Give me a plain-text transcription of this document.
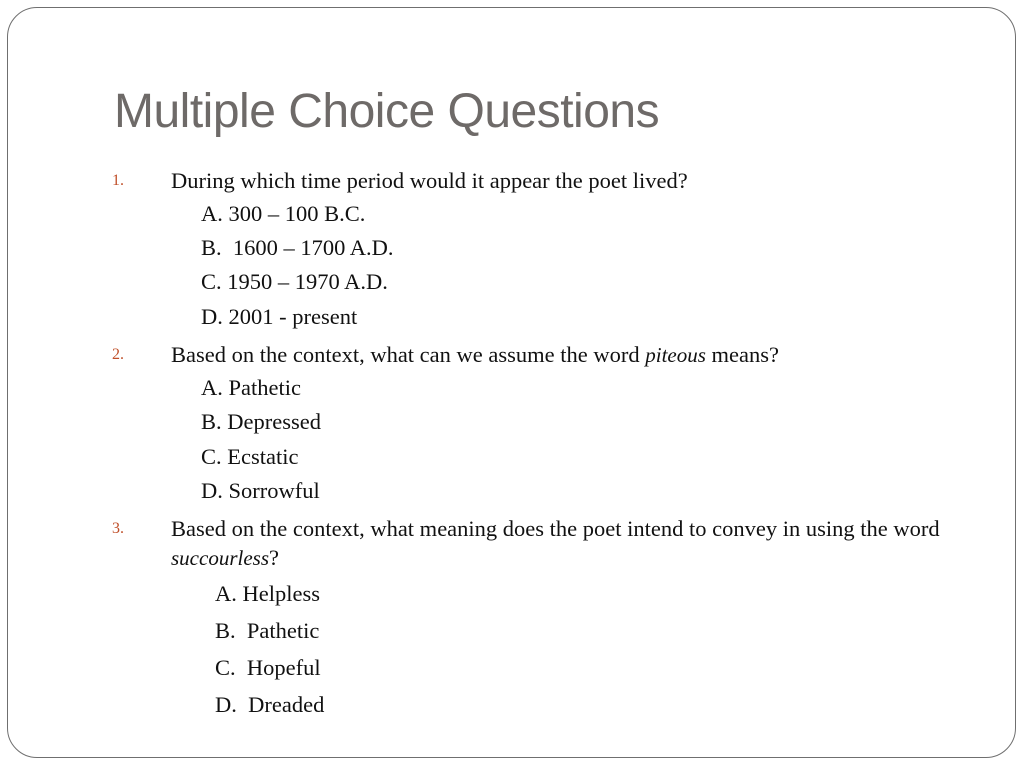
Multiple Choice Questions
1. During which time period would it appear the poet lived?
A. 300 – 100 B.C.
B.  1600 – 1700 A.D.
C. 1950 – 1970 A.D.
D. 2001 - present
2. Based on the context, what can we assume the word piteous means?
A. Pathetic
B. Depressed
C. Ecstatic
D. Sorrowful
3. Based on the context, what meaning does the poet intend to convey in using the word succourless?
A. Helpless
B.  Pathetic
C.  Hopeful
D.  Dreaded
